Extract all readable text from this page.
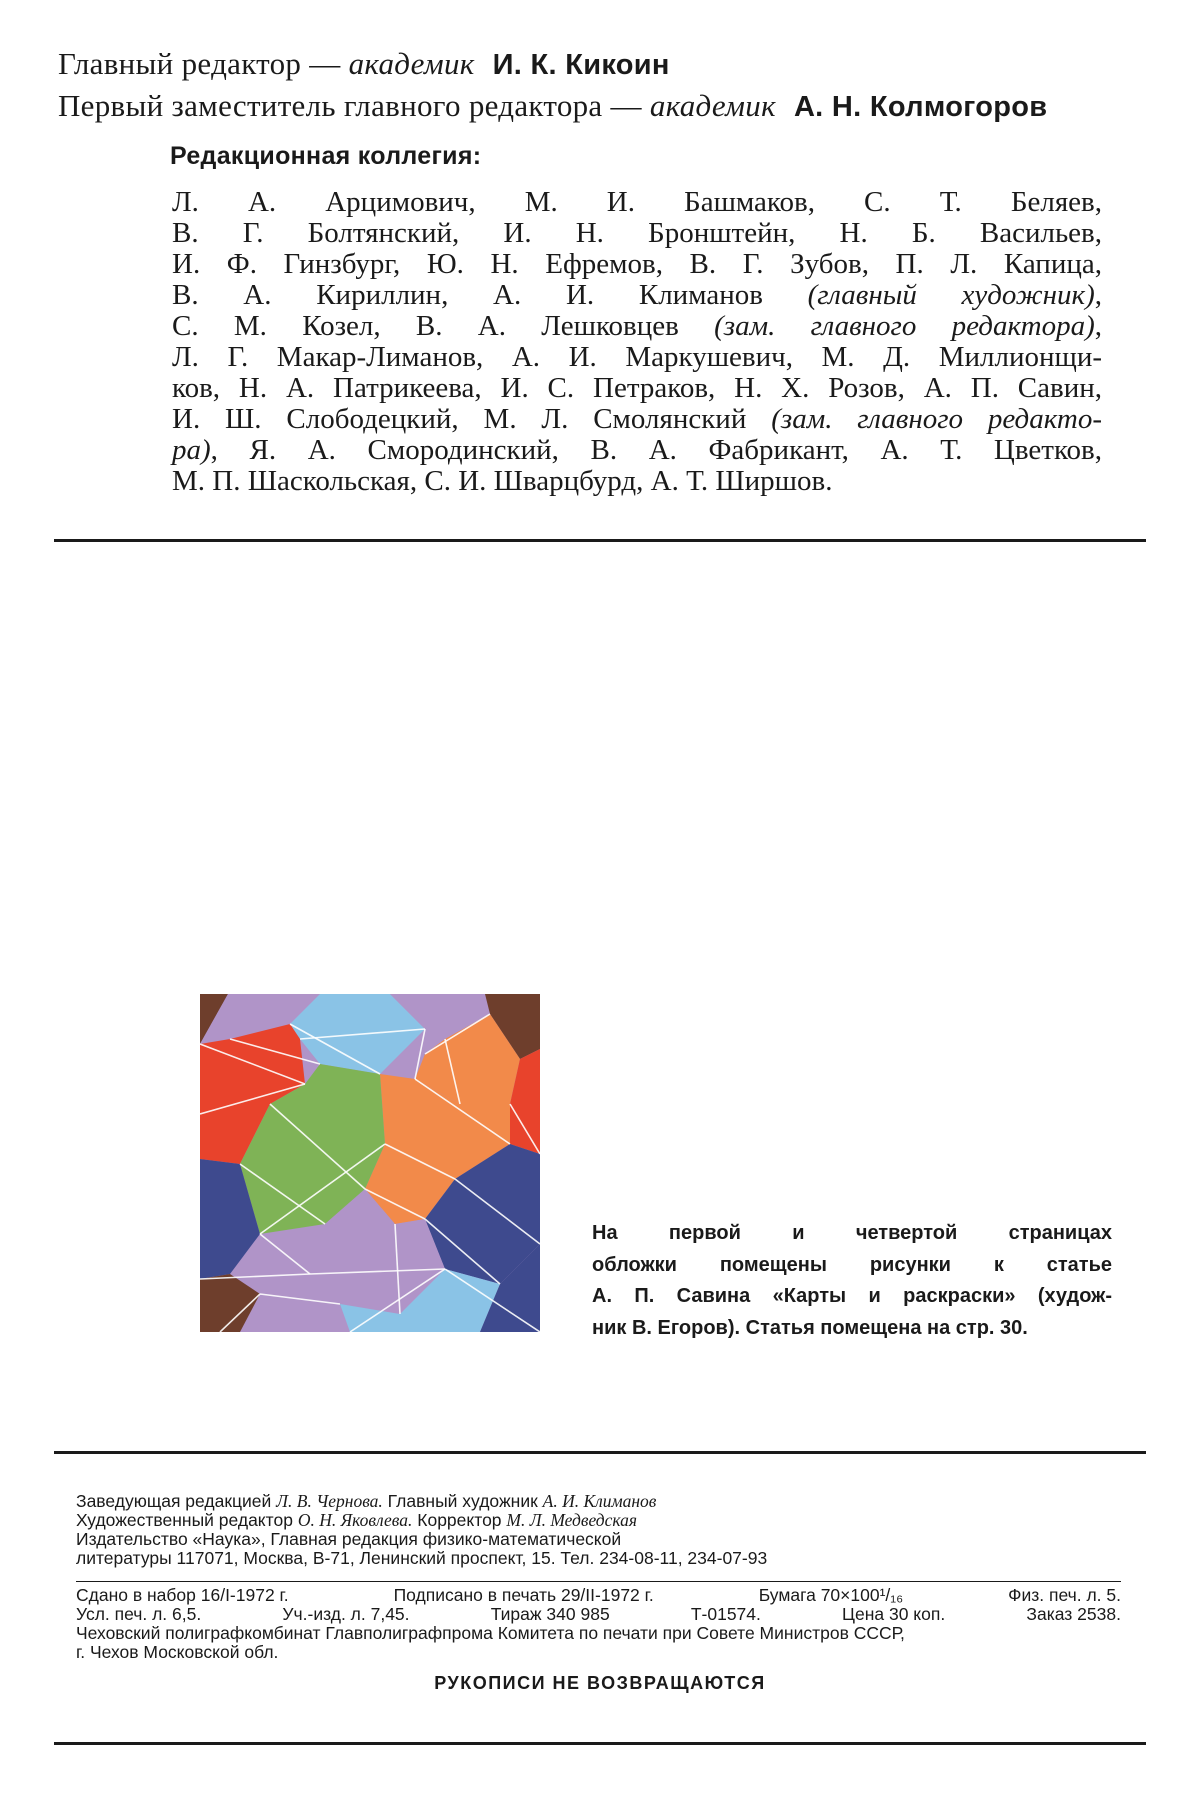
Главный редактор — академик И. К. Кикоин
Первый заместитель главного редактора — академик А. Н. Колмогоров
Редакционная коллегия:
Л. А. Арцимович, М. И. Башмаков, С. Т. Беляев,
В. Г. Болтянский, И. Н. Бронштейн, Н. Б. Васильев,
И. Ф. Гинзбург, Ю. Н. Ефремов, В. Г. Зубов, П. Л. Капица,
В. А. Кириллин, А. И. Климанов (главный художник),
С. М. Козел, В. А. Лешковцев (зам. главного редактора),
Л. Г. Макар-Лиманов, А. И. Маркушевич, М. Д. Миллионщи-
ков, Н. А. Патрикеева, И. С. Петраков, Н. Х. Розов, А. П. Савин,
И. Ш. Слободецкий, М. Л. Смолянский (зам. главного редакто-
ра), Я. А. Смородинский, В. А. Фабрикант, А. Т. Цветков,
М. П. Шаскольская, С. И. Шварцбурд, А. Т. Ширшов.
На первой и четвертой страницах
обложки помещены рисунки к статье
А. П. Савина «Карты и раскраски» (худож-
ник В. Егоров). Статья помещена на стр. 30.
Заведующая редакцией Л. В. Чернова. Главный художник А. И. Климанов
Художественный редактор О. Н. Яковлева. Корректор М. Л. Медведская
Издательство «Наука», Главная редакция физико-математической
литературы 117071, Москва, В-71, Ленинский проспект, 15. Тел. 234-08-11, 234-07-93
Сдано в набор 16/I-1972 г.	Подписано в печать 29/II-1972 г.	Бумага 70×100¹/₁₆	Физ. печ. л. 5.
Усл. печ. л. 6,5.	Уч.-изд. л. 7,45.	Тираж 340 985	Т-01574.	Цена 30 коп.	Заказ 2538.
Чеховский полиграфкомбинат Главполиграфпрома Комитета по печати при Совете Министров СССР,
г. Чехов Московской обл.
РУКОПИСИ НЕ ВОЗВРАЩАЮТСЯ
